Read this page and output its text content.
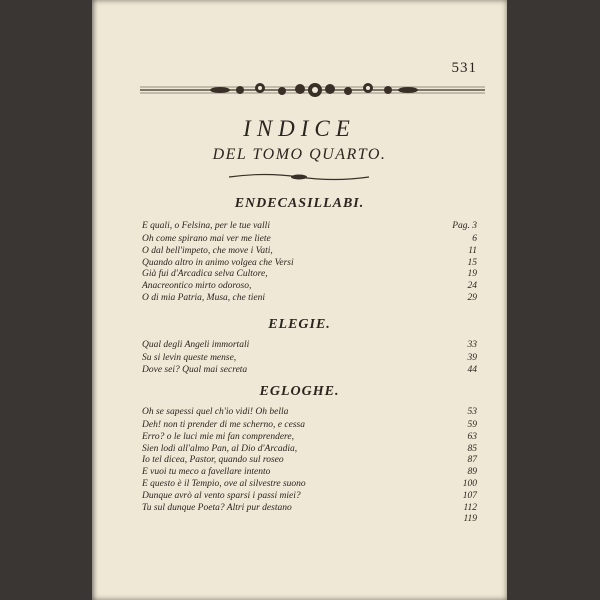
531
INDICE
DEL TOMO QUARTO.
ENDECASILLABI.
E quali, o Felsina, per le tue valli	Pag. 3
Oh come spirano mai ver me liete	6
O dal bell'impeto, che move i Vati,	11
Quando altro in animo volgea che Versi	15
Già fui d'Arcadica selva Cultore,	19
Anacreontico mirto odoroso,	24
O di mia Patria, Musa, che tieni	29
ELEGIE.
Qual degli Angeli immortali	33
Su si levin queste mense,	39
Dove sei? Qual mai secreta	44
EGLOGHE.
Oh se sapessi quel ch'io vidi! Oh bella	53
Deh! non ti prender di me scherno, e cessa	59
Erro? o le luci mie mi fan comprendere,	63
Sien lodi all'almo Pan, al Dio d'Arcadia,	85
Io tel dicea, Pastor, quando sul roseo	87
E vuoi tu meco a favellare intento	89
E questo è il Tempio, ove al silvestre suono	100
Dunque avrò al vento sparsi i passi miei?	107
Tu sul dunque Poeta? Altri pur destano	112
119
